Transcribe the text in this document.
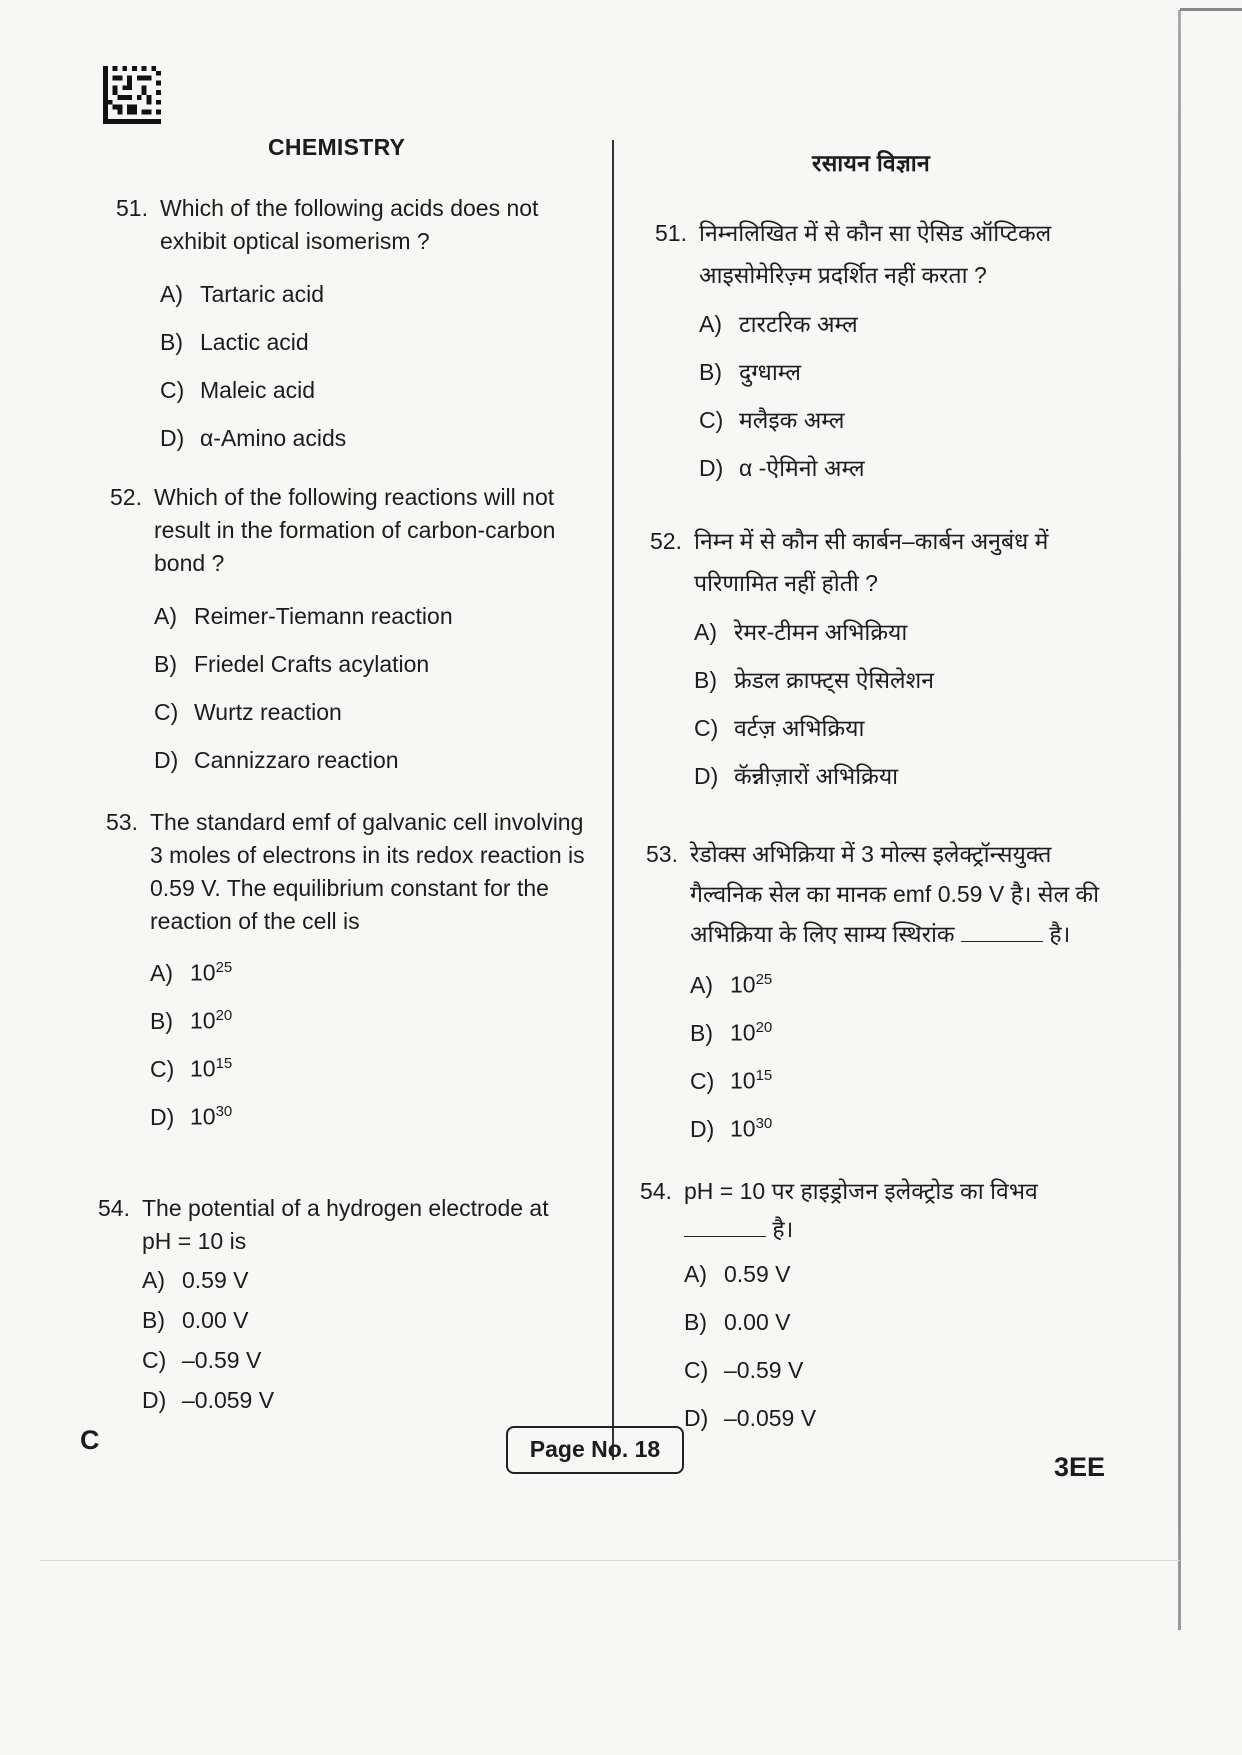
CHEMISTRY
रसायन विज्ञान
51. Which of the following acids does not exhibit optical isomerism ?
A) Tartaric acid
B) Lactic acid
C) Maleic acid
D) α-Amino acids
52. Which of the following reactions will not result in the formation of carbon-carbon bond ?
A) Reimer-Tiemann reaction
B) Friedel Crafts acylation
C) Wurtz reaction
D) Cannizzaro reaction
53. The standard emf of galvanic cell involving 3 moles of electrons in its redox reaction is 0.59 V. The equilibrium constant for the reaction of the cell is
A) $10^{25}$
B) $10^{20}$
C) $10^{15}$
D) $10^{30}$
54. The potential of a hydrogen electrode at pH = 10 is
A) 0.59 V
B) 0.00 V
C) –0.59 V
D) –0.059 V
51. निम्नलिखित में से कौन सा ऐसिड ऑप्टिकल आइसोमेरिज़्म प्रदर्शित नहीं करता ?
A) टारटरिक अम्ल
B) दुग्धाम्ल
C) मलैइक अम्ल
D) α -ऐमिनो अम्ल
52. निम्न में से कौन सी कार्बन–कार्बन अनुबंध में परिणामित नहीं होती ?
A) रेमर-टीमन अभिक्रिया
B) फ्रेडल क्राफ्ट्स ऐसिलेशन
C) वर्टज़ अभिक्रिया
D) कॅन्नीज़ारों अभिक्रिया
53. रेडोक्स अभिक्रिया में 3 मोल्स इलेक्ट्रॉन्सयुक्त गैल्वनिक सेल का मानक emf 0.59 V है। सेल की अभिक्रिया के लिए साम्य स्थिरांक	है।
A) $10^{25}$
B) $10^{20}$
C) $10^{15}$
D) $10^{30}$
54. pH = 10 पर हाइड्रोजन इलेक्ट्रोड का विभव
है।
A) 0.59 V
B) 0.00 V
C) –0.59 V
D) –0.059 V
C	Page No. 18
3EE
